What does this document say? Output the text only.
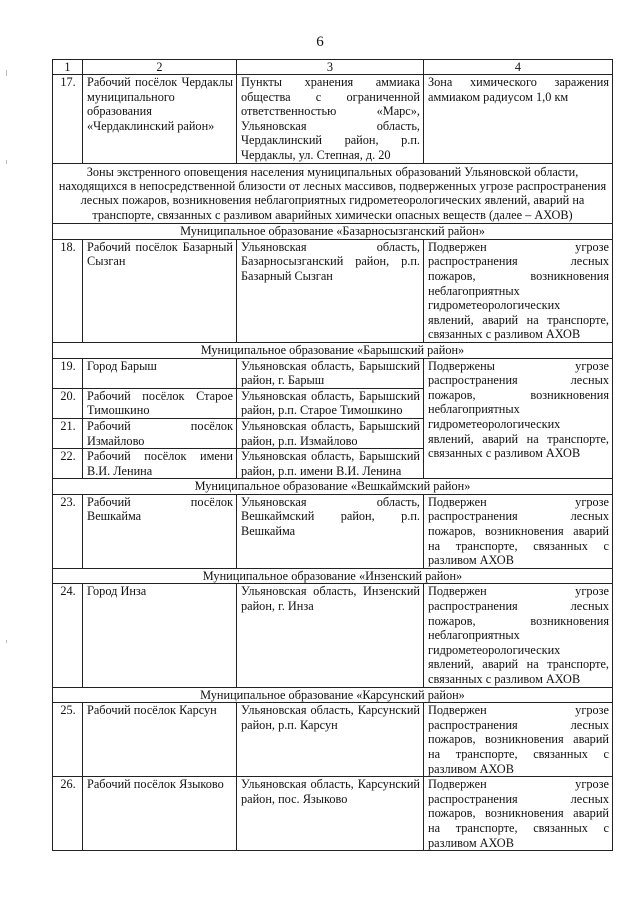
6
1	2	3	4
17.	Рабочий посёлок Чердаклы муниципального образования «Чердаклинский район»	Пункты хранения аммиака общества с ограниченной ответственностью «Марс», Ульяновская область, Чердаклинский район, р.п. Чердаклы, ул. Степная, д. 20	Зона химического заражения аммиаком радиусом 1,0 км
Зоны экстренного оповещения населения муниципальных образований Ульяновской области, находящихся в непосредственной близости от лесных массивов, подверженных угрозе распространения лесных пожаров, возникновения неблагоприятных гидрометеорологических явлений, аварий на транспорте, связанных с разливом аварийных химически опасных веществ (далее – АХОВ)			
Муниципальное образование «Базарносызганский район»			
18.	Рабочий посёлок Базарный Сызган	Ульяновская область, Базарносызганский район, р.п. Базарный Сызган	Подвержен угрозе распространения лесных пожаров, возникновения неблагоприятных гидрометеорологических явлений, аварий на транспорте, связанных с разливом АХОВ
Муниципальное образование «Барышский район»			
19.	Город Барыш	Ульяновская область, Барышский район, г. Барыш	Подвержены угрозе распространения лесных пожаров, возникновения неблагоприятных гидрометеорологических явлений, аварий на транспорте, связанных с разливом АХОВ
20.	Рабочий посёлок Старое Тимошкино	Ульяновская область, Барышский район, р.п. Старое Тимошкино	
21.	Рабочий посёлок Измайлово	Ульяновская область, Барышский район, р.п. Измайлово	
22.	Рабочий посёлок имени В.И. Ленина	Ульяновская область, Барышский район, р.п. имени В.И. Ленина	
Муниципальное образование «Вешкаймский район»			
23.	Рабочий посёлок Вешкайма	Ульяновская область, Вешкаймский район, р.п. Вешкайма	Подвержен угрозе распространения лесных пожаров, возникновения аварий на транспорте, связанных с разливом АХОВ
Муниципальное образование «Инзенский район»			
24.	Город Инза	Ульяновская область, Инзенский район, г. Инза	Подвержен угрозе распространения лесных пожаров, возникновения неблагоприятных гидрометеорологических явлений, аварий на транспорте, связанных с разливом АХОВ
Муниципальное образование «Карсунский район»			
25.	Рабочий посёлок Карсун	Ульяновская область, Карсунский район, р.п. Карсун	Подвержен угрозе распространения лесных пожаров, возникновения аварий на транспорте, связанных с разливом АХОВ
26.	Рабочий посёлок Языково	Ульяновская область, Карсунский район, пос. Языково	Подвержен угрозе распространения лесных пожаров, возникновения аварий на транспорте, связанных с разливом АХОВ
